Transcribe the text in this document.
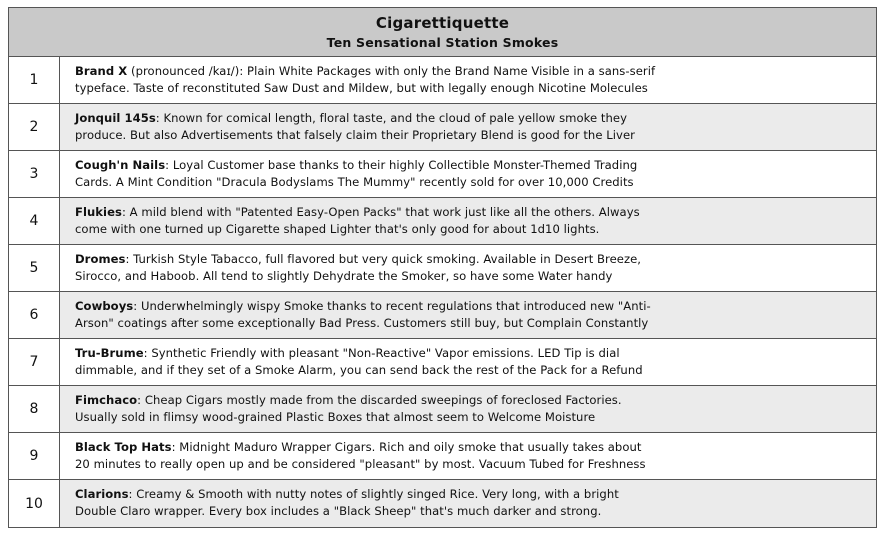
Cigarettiquette
Ten Sensational Station Smokes
1
Brand X (pronounced /kaɪ/): Plain White Packages with only the Brand Name Visible in a sans-serif
typeface. Taste of reconstituted Saw Dust and Mildew, but with legally enough Nicotine Molecules
2
Jonquil 145s: Known for comical length, floral taste, and the cloud of pale yellow smoke they
produce. But also Advertisements that falsely claim their Proprietary Blend is good for the Liver
3
Cough'n Nails: Loyal Customer base thanks to their highly Collectible Monster-Themed Trading
Cards. A Mint Condition "Dracula Bodyslams The Mummy" recently sold for over 10,000 Credits
4
Flukies: A mild blend with "Patented Easy-Open Packs" that work just like all the others. Always
come with one turned up Cigarette shaped Lighter that's only good for about 1d10 lights.
5
Dromes: Turkish Style Tabacco, full flavored but very quick smoking. Available in Desert Breeze,
Sirocco, and Haboob. All tend to slightly Dehydrate the Smoker, so have some Water handy
6
Cowboys: Underwhelmingly wispy Smoke thanks to recent regulations that introduced new "Anti-
Arson" coatings after some exceptionally Bad Press. Customers still buy, but Complain Constantly
7
Tru-Brume: Synthetic Friendly with pleasant "Non-Reactive" Vapor emissions. LED Tip is dial
dimmable, and if they set of a Smoke Alarm, you can send back the rest of the Pack for a Refund
8
Fimchaco: Cheap Cigars mostly made from the discarded sweepings of foreclosed Factories.
Usually sold in flimsy wood-grained Plastic Boxes that almost seem to Welcome Moisture
9
Black Top Hats: Midnight Maduro Wrapper Cigars. Rich and oily smoke that usually takes about
20 minutes to really open up and be considered "pleasant" by most. Vacuum Tubed for Freshness
10
Clarions: Creamy & Smooth with nutty notes of slightly singed Rice. Very long, with a bright
Double Claro wrapper. Every box includes a "Black Sheep" that's much darker and strong.
